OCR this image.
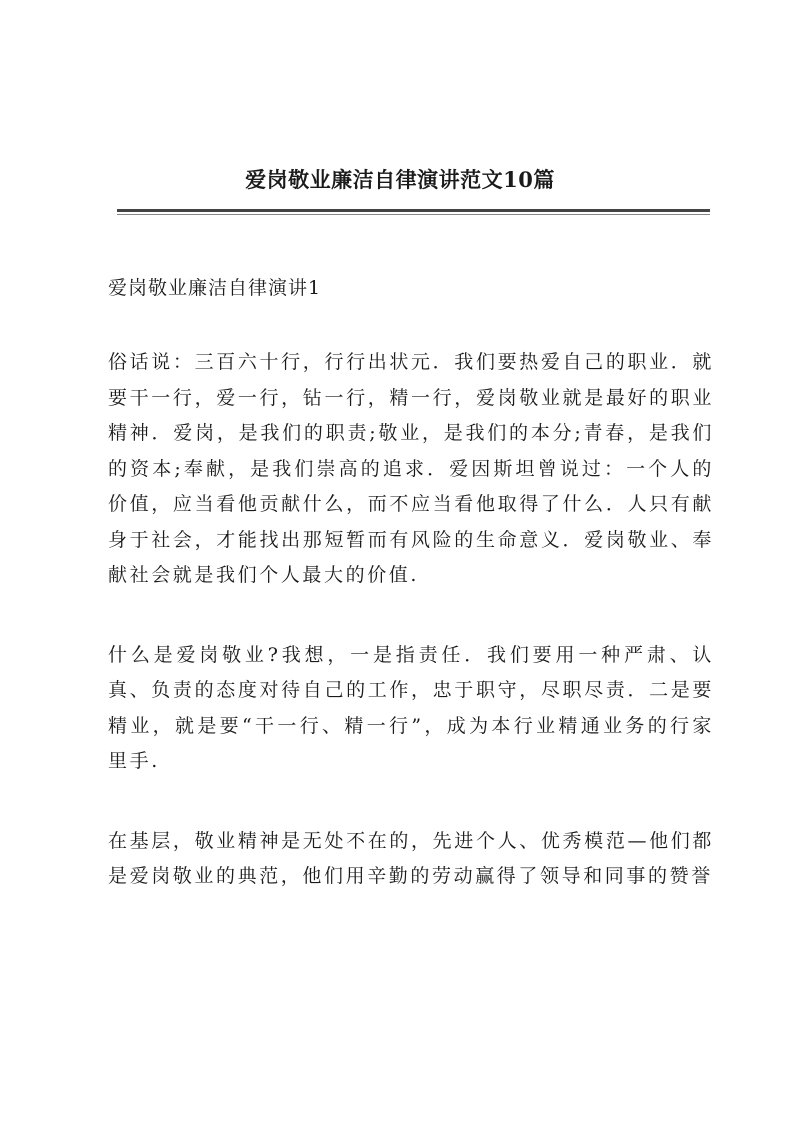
爱岗敬业廉洁自律演讲范文10篇

爱岗敬业廉洁自律演讲1

俗话说：三百六十行，行行出状元．我们要热爱自己的职业．就要干一行，爱一行，钻一行，精一行，爱岗敬业就是最好的职业精神．爱岗，是我们的职责;敬业，是我们的本分;青春，是我们的资本;奉献，是我们崇高的追求．爱因斯坦曾说过：一个人的价值，应当看他贡献什么，而不应当看他取得了什么．人只有献身于社会，才能找出那短暂而有风险的生命意义．爱岗敬业、奉献社会就是我们个人最大的价值.

什么是爱岗敬业?我想，一是指责任．我们要用一种严肃、认真、负责的态度对待自己的工作，忠于职守，尽职尽责．二是要精业，就是要“干一行、精一行”，成为本行业精通业务的行家里手.

在基层，敬业精神是无处不在的，先进个人、优秀模范—他们都是爱岗敬业的典范，他们用辛勤的劳动赢得了领导和同事的赞誉
